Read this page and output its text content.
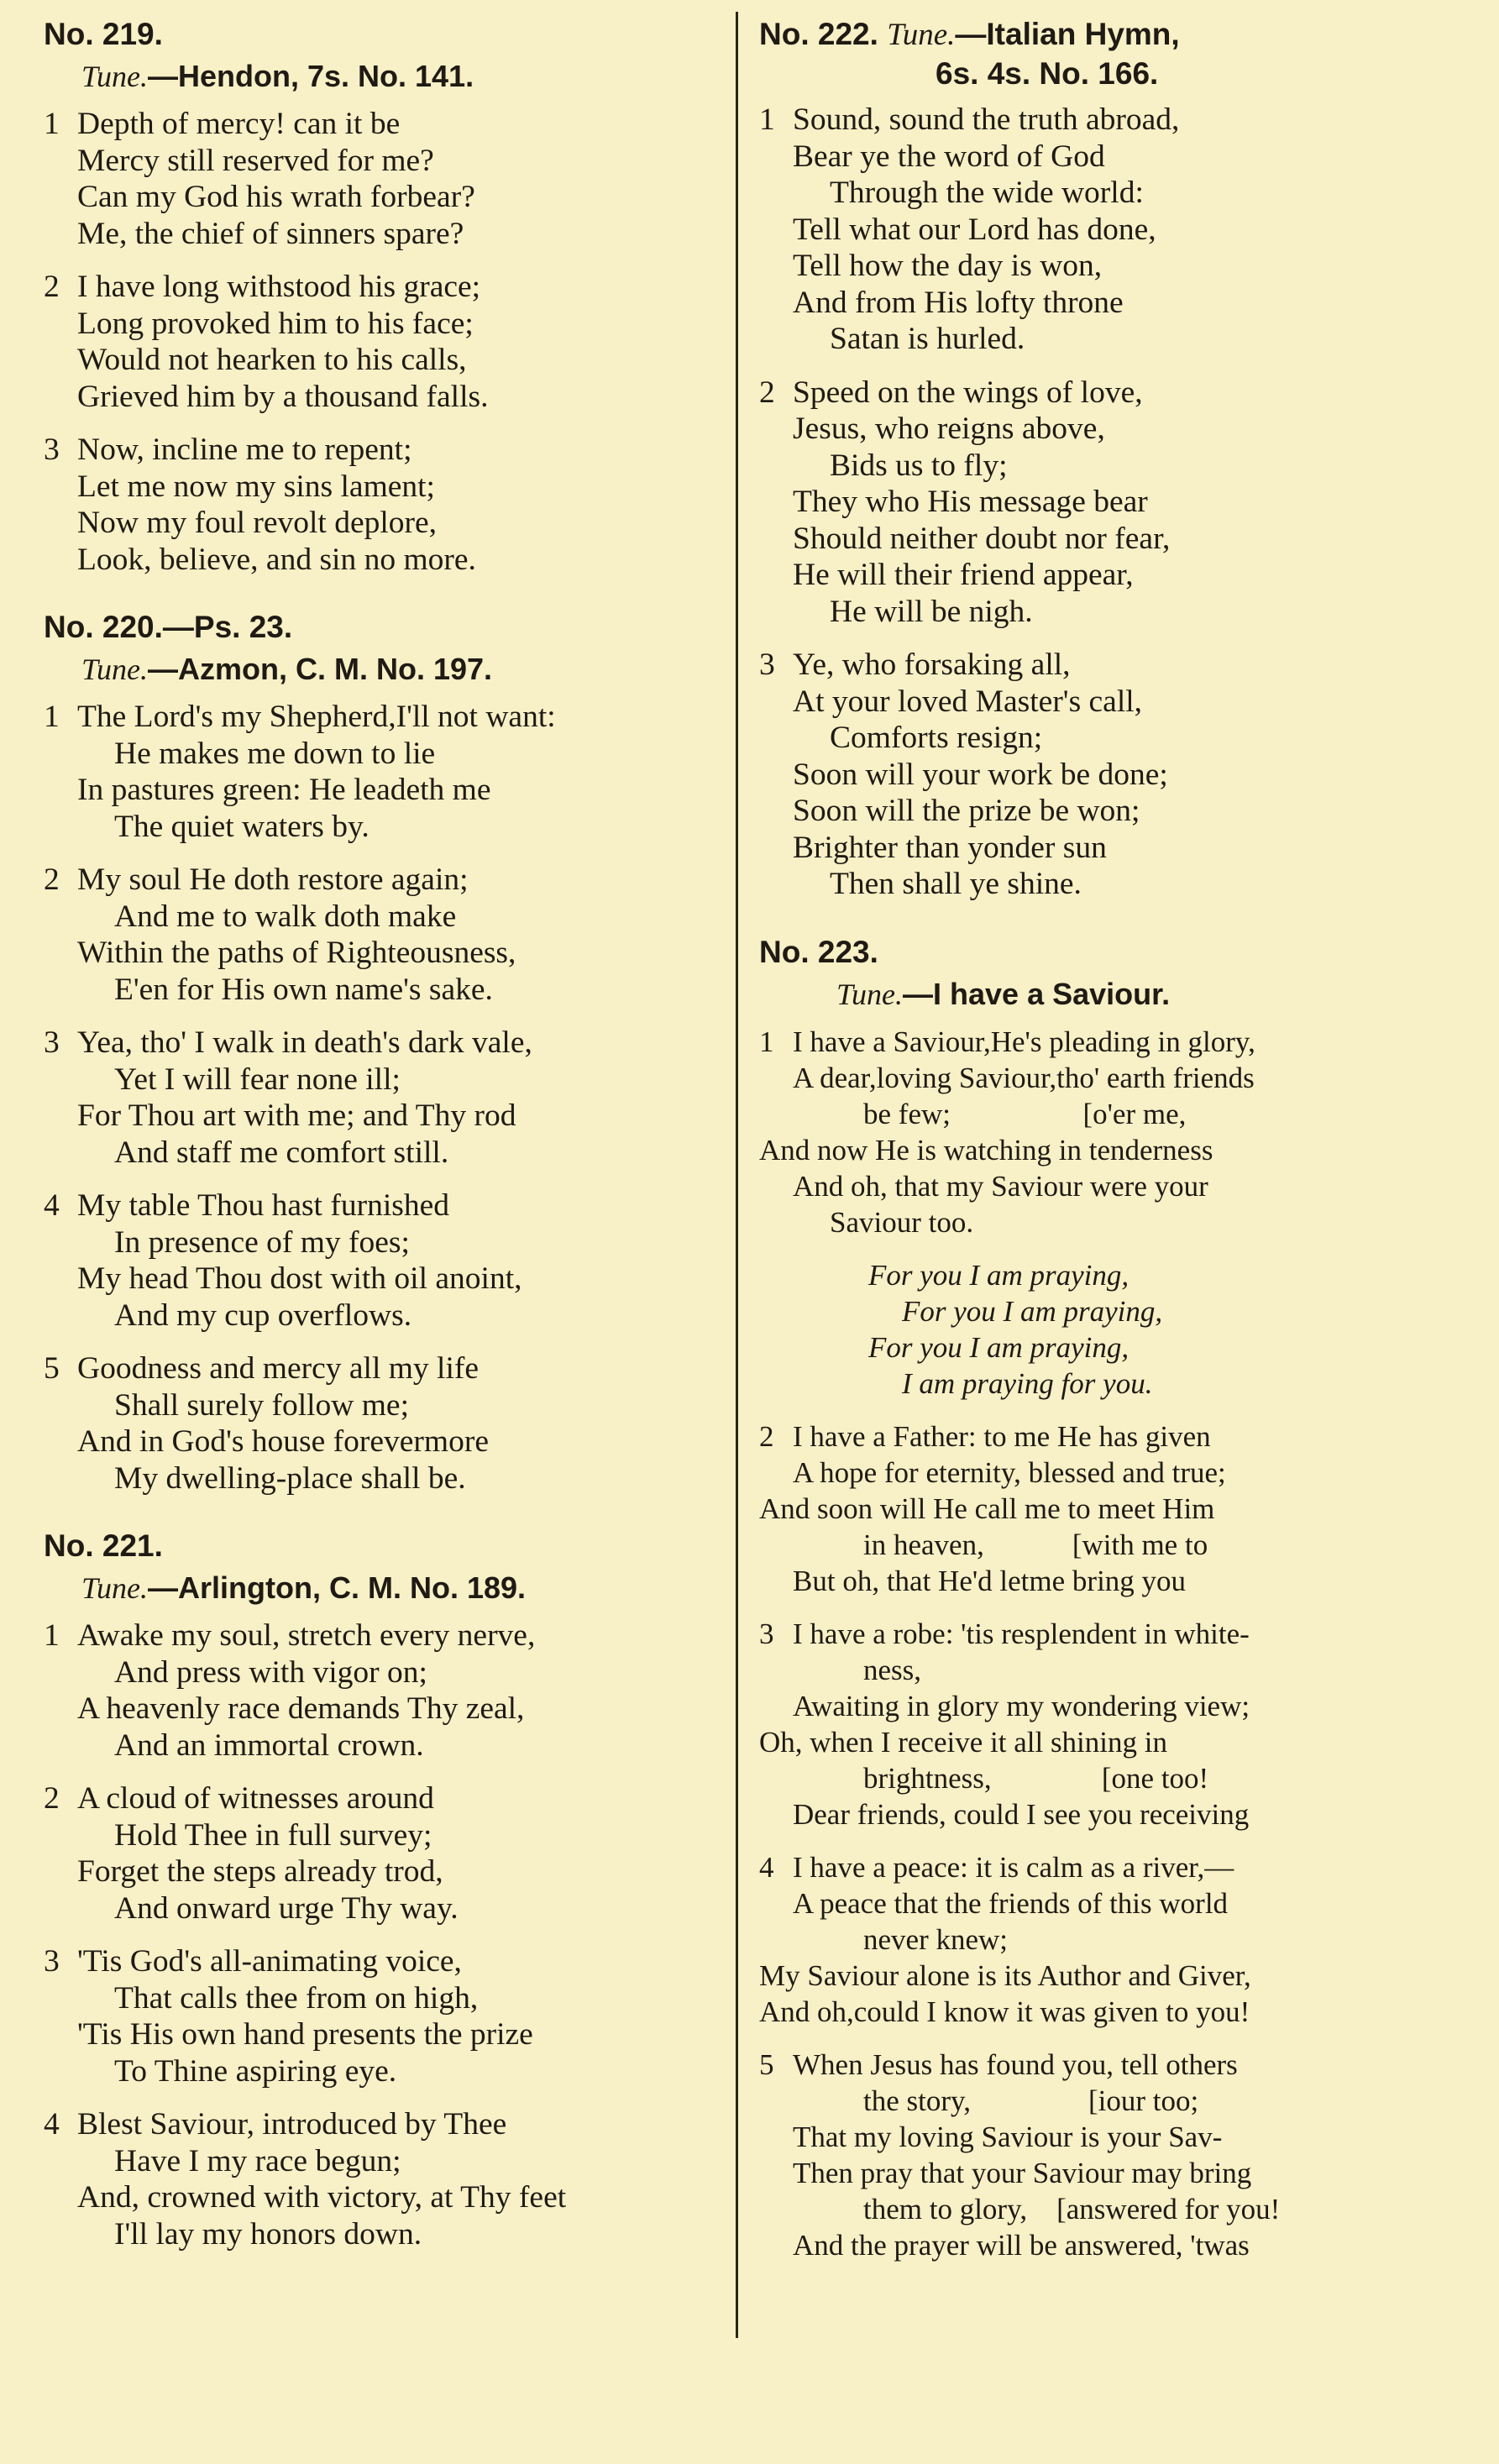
No. 219.
Tune.—Hendon, 7s. No. 141.
1 Depth of mercy! can it be
Mercy still reserved for me?
Can my God his wrath forbear?
Me, the chief of sinners spare?
2 I have long withstood his grace;
Long provoked him to his face;
Would not hearken to his calls,
Grieved him by a thousand falls.
3 Now, incline me to repent;
Let me now my sins lament;
Now my foul revolt deplore,
Look, believe, and sin no more.
No. 220.—Ps. 23.
Tune.—Azmon, C. M. No. 197.
1 The Lord's my Shepherd,I'll not want:
He makes me down to lie
In pastures green: He leadeth me
The quiet waters by.
2 My soul He doth restore again;
And me to walk doth make
Within the paths of Righteousness,
E'en for His own name's sake.
3 Yea, tho' I walk in death's dark vale,
Yet I will fear none ill;
For Thou art with me; and Thy rod
And staff me comfort still.
4 My table Thou hast furnished
In presence of my foes;
My head Thou dost with oil anoint,
And my cup overflows.
5 Goodness and mercy all my life
Shall surely follow me;
And in God's house forevermore
My dwelling-place shall be.
No. 221.
Tune.—Arlington, C. M. No. 189.
1 Awake my soul, stretch every nerve,
And press with vigor on;
A heavenly race demands Thy zeal,
And an immortal crown.
2 A cloud of witnesses around
Hold Thee in full survey;
Forget the steps already trod,
And onward urge Thy way.
3 'Tis God's all-animating voice,
That calls thee from on high,
'Tis His own hand presents the prize
To Thine aspiring eye.
4 Blest Saviour, introduced by Thee
Have I my race begun;
And, crowned with victory, at Thy feet
I'll lay my honors down.
No. 222. Tune.—Italian Hymn,
6s. 4s. No. 166.
1 Sound, sound the truth abroad,
Bear ye the word of God
Through the wide world:
Tell what our Lord has done,
Tell how the day is won,
And from His lofty throne
Satan is hurled.
2 Speed on the wings of love,
Jesus, who reigns above,
Bids us to fly;
They who His message bear
Should neither doubt nor fear,
He will their friend appear,
He will be nigh.
3 Ye, who forsaking all,
At your loved Master's call,
Comforts resign;
Soon will your work be done;
Soon will the prize be won;
Brighter than yonder sun
Then shall ye shine.
No. 223.
Tune.—I have a Saviour.
1 I have a Saviour,He's pleading in glory,
A dear,loving Saviour,tho' earth friends
be few;                  [o'er me,
And now He is watching in tenderness
And oh, that my Saviour were your
Saviour too.
For you I am praying,
For you I am praying,
For you I am praying,
I am praying for you.
2 I have a Father: to me He has given
A hope for eternity, blessed and true;
And soon will He call me to meet Him
in heaven,            [with me to
But oh, that He'd letme bring you
3 I have a robe: 'tis resplendent in white-
ness,
Awaiting in glory my wondering view;
Oh, when I receive it all shining in
brightness,               [one too!
Dear friends, could I see you receiving
4 I have a peace: it is calm as a river,—
A peace that the friends of this world
never knew;
My Saviour alone is its Author and Giver,
And oh,could I know it was given to you!
5 When Jesus has found you, tell others
the story,                [iour too;
That my loving Saviour is your Sav-
Then pray that your Saviour may bring
them to glory,    [answered for you!
And the prayer will be answered, 'twas
